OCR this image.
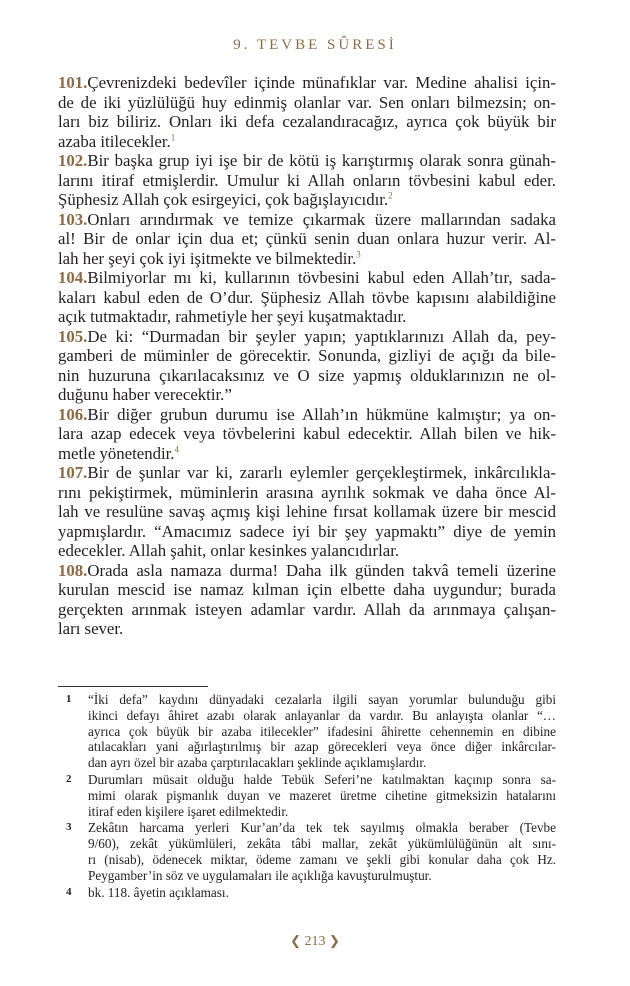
9. TEVBE SÛRESİ
101.Çevrenizdeki bedevîler içinde münafıklar var. Medine ahalisi için-
de de iki yüzlülüğü huy edinmiş olanlar var. Sen onları bilmezsin; on-
ları biz biliriz. Onları iki defa cezalandıracağız, ayrıca çok büyük bir
azaba itilecekler.$^1$
102.Bir başka grup iyi işe bir de kötü iş karıştırmış olarak sonra günah-
larını itiraf etmişlerdir. Umulur ki Allah onların tövbesini kabul eder.
Şüphesiz Allah çok esirgeyici, çok bağışlayıcıdır.$^2$
103.Onları arındırmak ve temize çıkarmak üzere mallarından sadaka
al! Bir de onlar için dua et; çünkü senin duan onlara huzur verir. Al-
lah her şeyi çok iyi işitmekte ve bilmektedir.$^3$
104.Bilmiyorlar mı ki, kullarının tövbesini kabul eden Allah’tır, sada-
kaları kabul eden de O’dur. Şüphesiz Allah tövbe kapısını alabildiğine
açık tutmaktadır, rahmetiyle her şeyi kuşatmaktadır.
105.De ki: “Durmadan bir şeyler yapın; yaptıklarınızı Allah da, pey-
gamberi de müminler de görecektir. Sonunda, gizliyi de açığı da bile-
nin huzuruna çıkarılacaksınız ve O size yapmış olduklarınızın ne ol-
duğunu haber verecektir.”
106.Bir diğer grubun durumu ise Allah’ın hükmüne kalmıştır; ya on-
lara azap edecek veya tövbelerini kabul edecektir. Allah bilen ve hik-
metle yönetendir.$^4$
107.Bir de şunlar var ki, zararlı eylemler gerçekleştirmek, inkârcılıkla-
rını pekiştirmek, müminlerin arasına ayrılık sokmak ve daha önce Al-
lah ve resulüne savaş açmış kişi lehine fırsat kollamak üzere bir mescid
yapmışlardır. “Amacımız sadece iyi bir şey yapmaktı” diye de yemin
edecekler. Allah şahit, onlar kesinkes yalancıdırlar.
108.Orada asla namaza durma! Daha ilk günden takvâ temeli üzerine
kurulan mescid ise namaz kılman için elbette daha uygundur; burada
gerçekten arınmak isteyen adamlar vardır. Allah da arınmaya çalışan-
ları sever.
1 “İki defa” kaydını dünyadaki cezalarla ilgili sayan yorumlar bulunduğu gibi
ikinci defayı âhiret azabı olarak anlayanlar da vardır. Bu anlayışta olanlar “…
ayrıca çok büyük bir azaba itilecekler” ifadesini âhirette cehennemin en dibine
atılacakları yani ağırlaştırılmış bir azap görecekleri veya önce diğer inkârcılar-
dan ayrı özel bir azaba çarptırılacakları şeklinde açıklamışlardır.
2 Durumları müsait olduğu halde Tebük Seferi’ne katılmaktan kaçınıp sonra sa-
mimi olarak pişmanlık duyan ve mazeret üretme cihetine gitmeksizin hatalarını
itiraf eden kişilere işaret edilmektedir.
3 Zekâtın harcama yerleri Kur’an’da tek tek sayılmış olmakla beraber (Tevbe
9/60), zekât yükümlüleri, zekâta tâbi mallar, zekât yükümlülüğünün alt sını-
rı (nisab), ödenecek miktar, ödeme zamanı ve şekli gibi konular daha çok Hz.
Peygamber’in söz ve uygulamaları ile açıklığa kavuşturulmuştur.
4 bk. 118. âyetin açıklaması.
❮ 213 ❯
